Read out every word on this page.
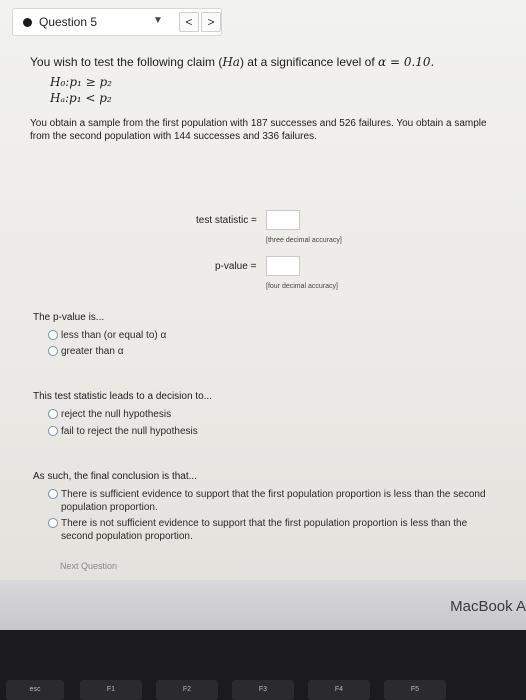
Question 5	▼	<	>
You wish to test the following claim (Ha) at a significance level of α = 0.10.
H₀:p₁ ≥ p₂
Hₐ:p₁ < p₂
You obtain a sample from the first population with 187 successes and 526 failures. You obtain a sample
from the second population with 144 successes and 336 failures.
test statistic =
[three decimal accuracy]
p-value =
[four decimal accuracy]
The p-value is...
less than (or equal to) α
greater than α
This test statistic leads to a decision to...
reject the null hypothesis
fail to reject the null hypothesis
As such, the final conclusion is that...
There is sufficient evidence to support that the first population proportion is less than the second
population proportion.
There is not sufficient evidence to support that the first population proportion is less than the
second population proportion.
Next Question
MacBook A
esc	F1	F2	F3	F4	F5
